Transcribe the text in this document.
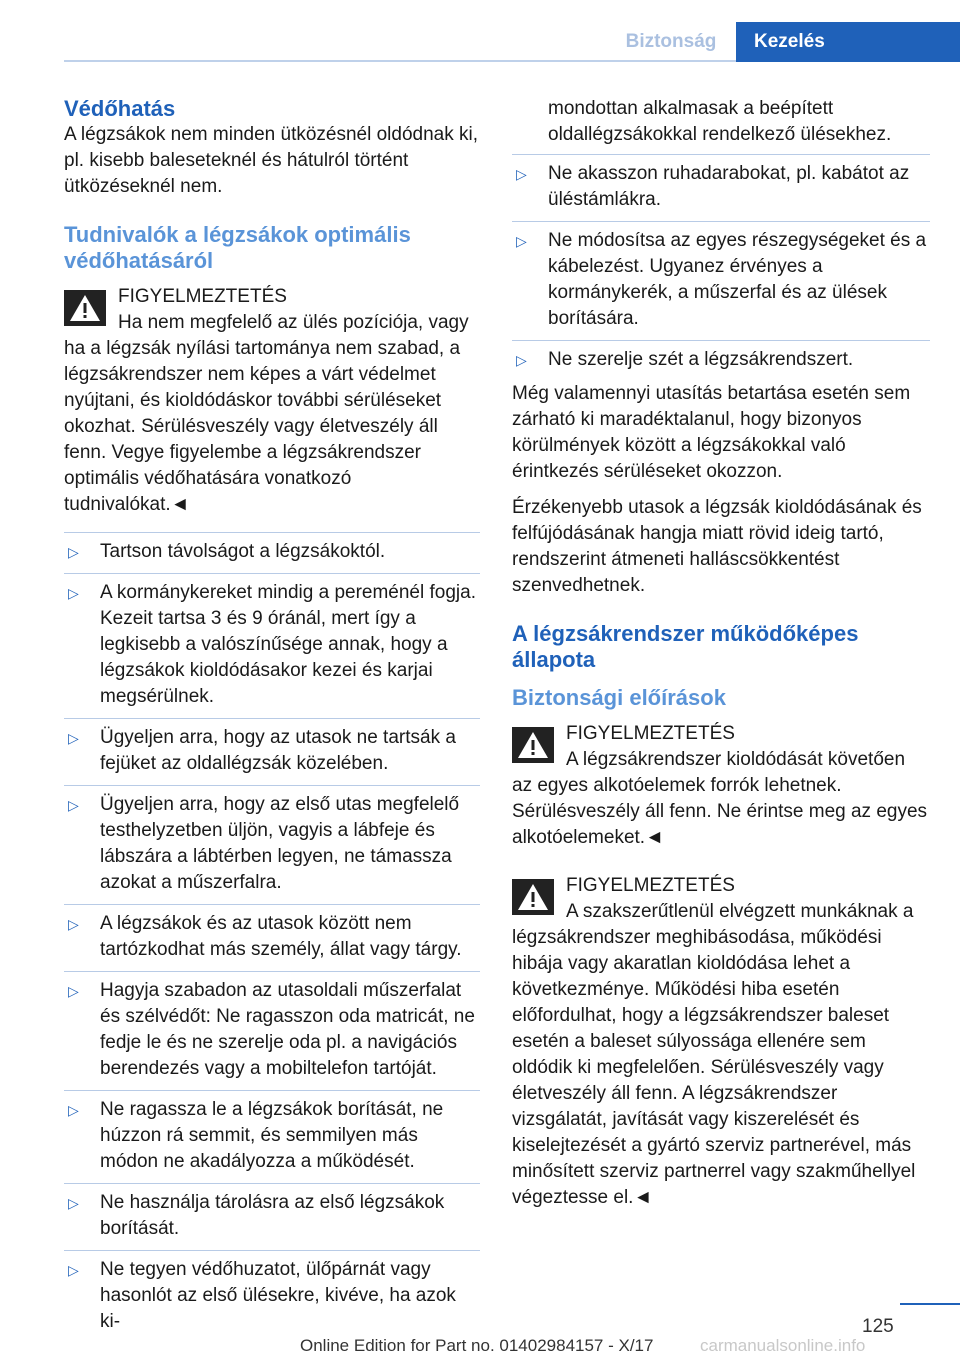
Biztonság	Kezelés
Védőhatás

A légzsákok nem minden ütközésnél oldódnak ki, pl. kisebb baleseteknél és hátulról történt ütközéseknél nem.

Tudnivalók a légzsákok optimális védőhatásáról
FIGYELMEZTETÉS
Ha nem megfelelő az ülés pozíciója, vagy ha a légzsák nyílási tartománya nem szabad, a légzsákrendszer nem képes a várt védelmet nyújtani, és kioldódáskor további sérüléseket okozhat. Sérülésveszély vagy életveszély áll fenn. Vegye figyelembe a légzsákrendszer optimális védőhatására vonatkozó tudnivalókat.◄
▷ Tartson távolságot a légzsákoktól.
▷ A kormánykereket mindig a pereménél fogja. Kezeit tartsa 3 és 9 óránál, mert így a legkisebb a valószínűsége annak, hogy a légzsákok kioldódásakor kezei és karjai megsérülnek.
▷ Ügyeljen arra, hogy az utasok ne tartsák a fejüket az oldallégzsák közelében.
▷ Ügyeljen arra, hogy az első utas megfelelő testhelyzetben üljön, vagyis a lábfeje és lábszára a lábtérben legyen, ne támassza azokat a műszerfalra.
▷ A légzsákok és az utasok között nem tartózkodhat más személy, állat vagy tárgy.
▷ Hagyja szabadon az utasoldali műszerfalat és szélvédőt: Ne ragasszon oda matricát, ne fedje le és ne szerelje oda pl. a navigációs berendezés vagy a mobiltelefon tartóját.
▷ Ne ragassza le a légzsákok borítását, ne húzzon rá semmit, és semmilyen más módon ne akadályozza a működését.
▷ Ne használja tárolásra az első légzsákok borítását.
▷ Ne tegyen védőhuzatot, ülőpárnát vagy hasonlót az első ülésekre, kivéve, ha azok ki-
mondottan alkalmasak a beépített oldallégzsákokkal rendelkező ülésekhez.
▷ Ne akasszon ruhadarabokat, pl. kabátot az üléstámlákra.
▷ Ne módosítsa az egyes részegységeket és a kábelezést. Ugyanez érvényes a kormánykerék, a műszerfal és az ülések borítására.
▷ Ne szerelje szét a légzsákrendszert.

Még valamennyi utasítás betartása esetén sem zárható ki maradéktalanul, hogy bizonyos körülmények között a légzsákokkal való érintkezés sérüléseket okozzon.

Érzékenyebb utasok a légzsák kioldódásának és felfújódásának hangja miatt rövid ideig tartó, rendszerint átmeneti halláscsökkentést szenvedhetnek.

A légzsákrendszer működőképes állapota
Biztonsági előírások
FIGYELMEZTETÉS
A légzsákrendszer kioldódását követően az egyes alkotóelemek forrók lehetnek. Sérülésveszély áll fenn. Ne érintse meg az egyes alkotóelemeket.◄
FIGYELMEZTETÉS
A szakszerűtlenül elvégzett munkáknak a légzsákrendszer meghibásodása, működési hibája vagy akaratlan kioldódása lehet a következménye. Működési hiba esetén előfordulhat, hogy a légzsákrendszer baleset esetén a baleset súlyossága ellenére sem oldódik ki megfelelően. Sérülésveszély vagy életveszély áll fenn. A légzsákrendszer vizsgálatát, javítását vagy kiszerelését és kiselejtezését a gyártó szerviz partnerével, más minősített szerviz partnerrel vagy szakműhellyel végeztesse el.◄
125
Online Edition for Part no. 01402984157 - X/17	carmanualsonline.info
